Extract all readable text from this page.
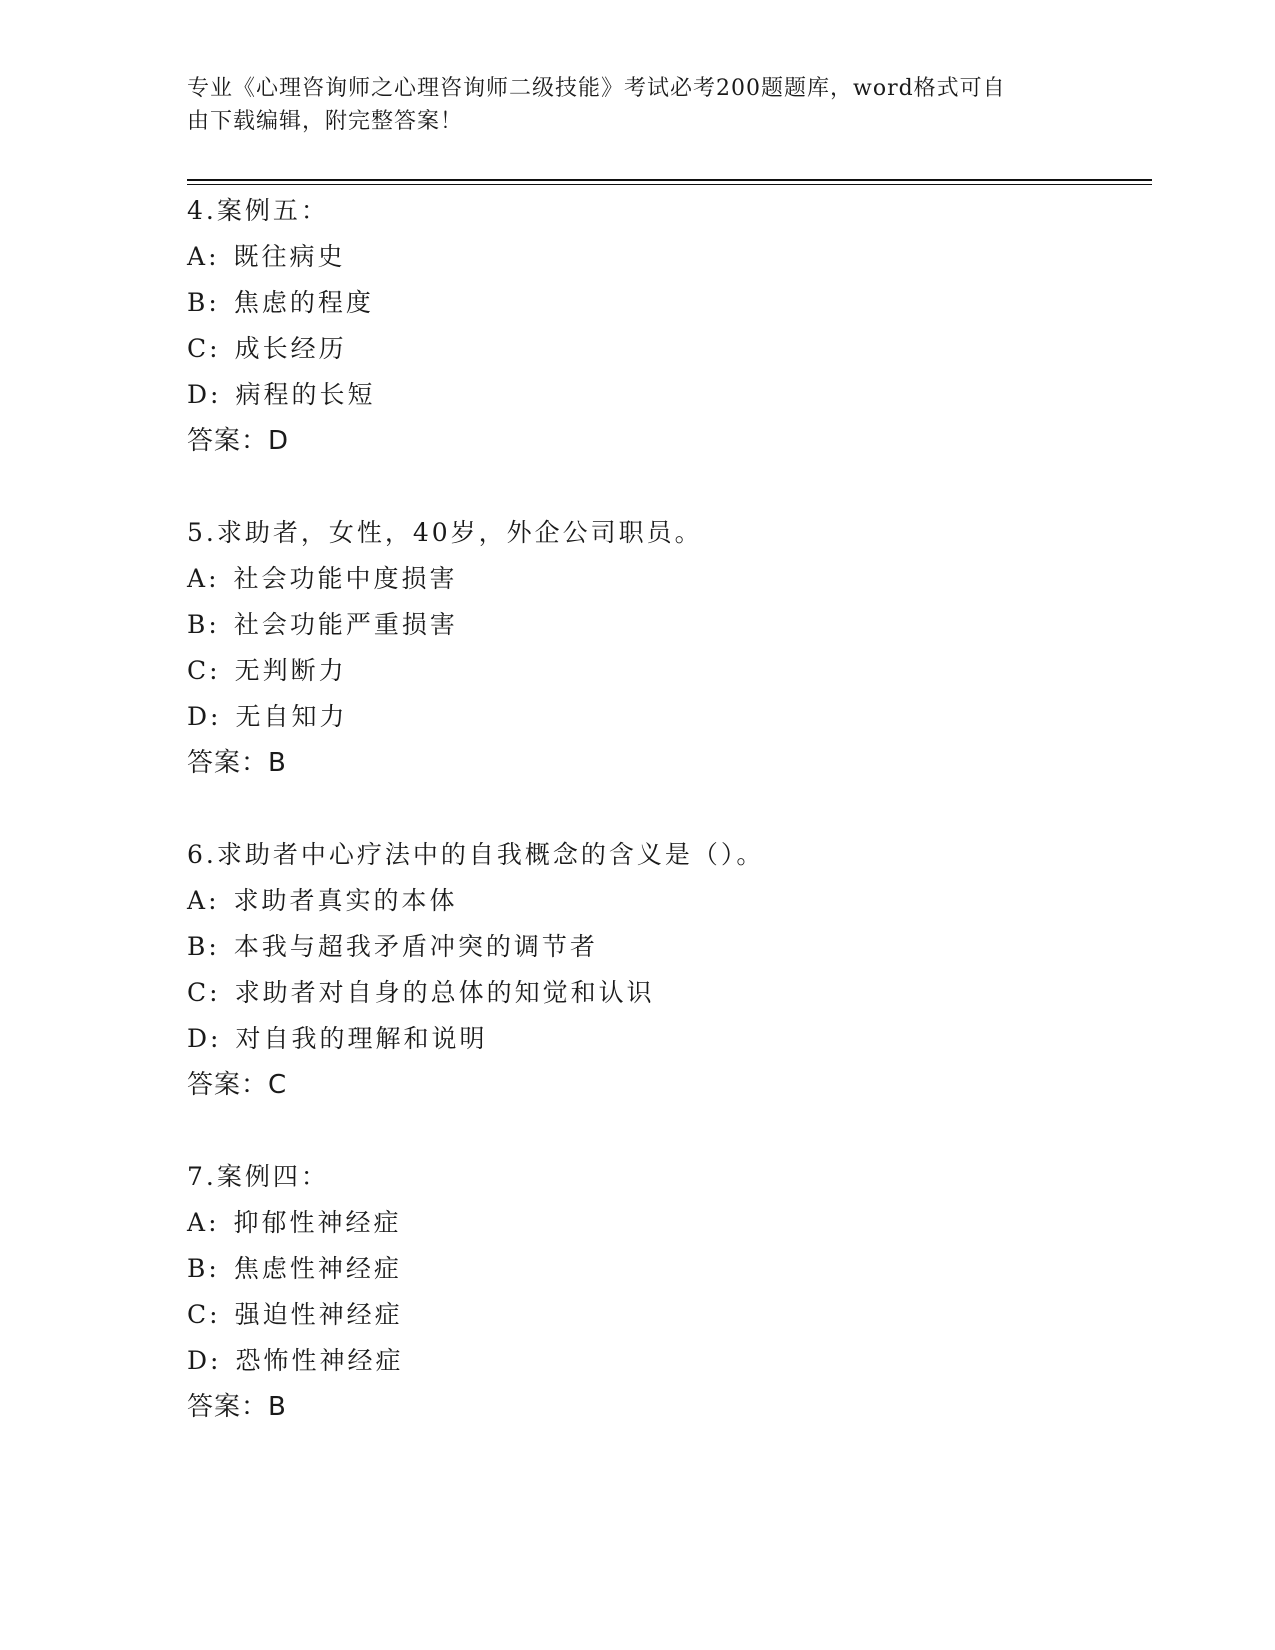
专业《心理咨询师之心理咨询师二级技能》考试必考200题题库，word格式可自
由下载编辑，附完整答案！
4.案例五：
A: 既往病史
B: 焦虑的程度
C: 成长经历
D: 病程的长短
答案：D
5.求助者，女性，40岁，外企公司职员。
A: 社会功能中度损害
B: 社会功能严重损害
C: 无判断力
D: 无自知力
答案：B
6.求助者中心疗法中的自我概念的含义是（）。
A: 求助者真实的本体
B: 本我与超我矛盾冲突的调节者
C: 求助者对自身的总体的知觉和认识
D: 对自我的理解和说明
答案：C
7.案例四：
A: 抑郁性神经症
B: 焦虑性神经症
C: 强迫性神经症
D: 恐怖性神经症
答案：B
